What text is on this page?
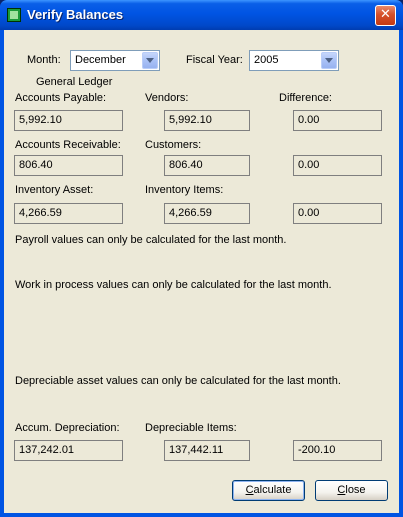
Verify Balances	✕
Month: December	Fiscal Year: 2005
General Ledger
Accounts Payable:	Vendors:	Difference:
5,992.10	5,992.10	0.00
Accounts Receivable: Customers:
806.40	806.40	0.00
Inventory Asset:	Inventory Items:
4,266.59	4,266.59	0.00
Payroll values can only be calculated for the last month.
Work in process values can only be calculated for the last month.
Depreciable asset values can only be calculated for the last month.
Accum. Depreciation: Depreciable Items:
137,242.01	137,442.11	-200.10
Calculate	Close
